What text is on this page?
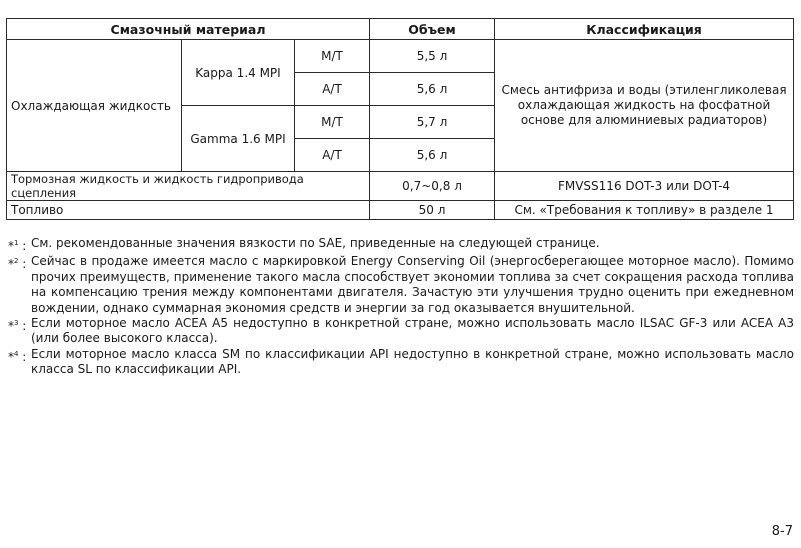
Смазочный материал			Объем	Классификация
Охлаждающая жидкость	Kappa 1.4 MPI	M/T	5,5 л	Смесь антифриза и воды (этиленгликолевая охлаждающая жидкость на фосфатной основе для алюминиевых радиаторов)
		A/T	5,6 л	
	Gamma 1.6 MPI	M/T	5,7 л	
		A/T	5,6 л	
Тормозная жидкость и жидкость гидропривода сцепления			0,7~0,8 л	FMVSS116 DOT-3 или DOT-4
Топливо			50 л	См. «Требования к топливу» в разделе 1
*$^1$ : См. рекомендованные значения вязкости по SAE, приведенные на следующей странице.
*$^2$ : Сейчас в продаже имеется масло с маркировкой Energy Conserving Oil (энергосберегающее моторное масло). Помимо прочих преимуществ, применение такого масла способствует экономии топлива за счет сокращения расхода топлива на компенсацию трения между компонентами двигателя. Зачастую эти улучшения трудно оценить при ежедневном вождении, однако суммарная экономия средств и энергии за год оказывается внушительной.
*$^3$ : Если моторное масло ACEA A5 недоступно в конкретной стране, можно использовать масло ILSAC GF-3 или ACEA A3 (или более высокого класса).
*$^4$ : Если моторное масло класса SM по классификации API недоступно в конкретной стране, можно использовать масло класса SL по классификации API.
8-7
